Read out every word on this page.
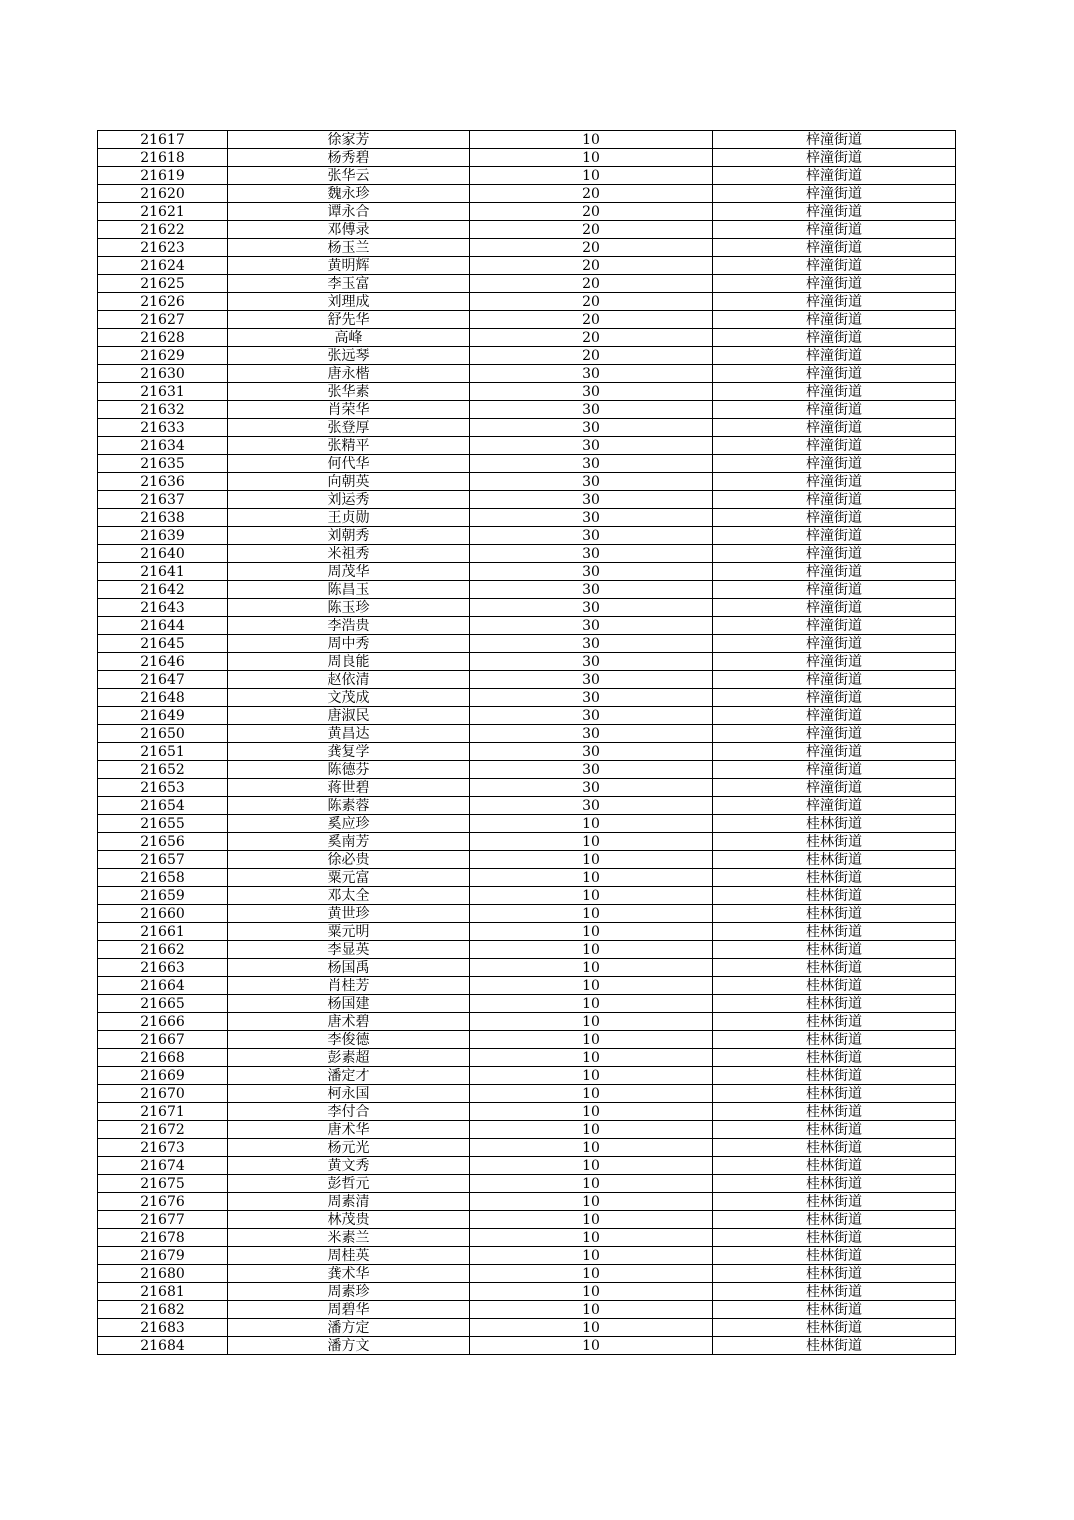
21617	徐家芳	10	梓潼街道
21618	杨秀碧	10	梓潼街道
21619	张华云	10	梓潼街道
21620	魏永珍	20	梓潼街道
21621	谭永合	20	梓潼街道
21622	邓傅录	20	梓潼街道
21623	杨玉兰	20	梓潼街道
21624	黄明辉	20	梓潼街道
21625	李玉富	20	梓潼街道
21626	刘理成	20	梓潼街道
21627	舒先华	20	梓潼街道
21628	高峰	20	梓潼街道
21629	张远琴	20	梓潼街道
21630	唐永楷	30	梓潼街道
21631	张华素	30	梓潼街道
21632	肖荣华	30	梓潼街道
21633	张登厚	30	梓潼街道
21634	张精平	30	梓潼街道
21635	何代华	30	梓潼街道
21636	向朝英	30	梓潼街道
21637	刘运秀	30	梓潼街道
21638	王贞勋	30	梓潼街道
21639	刘朝秀	30	梓潼街道
21640	米祖秀	30	梓潼街道
21641	周茂华	30	梓潼街道
21642	陈昌玉	30	梓潼街道
21643	陈玉珍	30	梓潼街道
21644	李浩贵	30	梓潼街道
21645	周中秀	30	梓潼街道
21646	周良能	30	梓潼街道
21647	赵依清	30	梓潼街道
21648	文茂成	30	梓潼街道
21649	唐淑民	30	梓潼街道
21650	黄昌达	30	梓潼街道
21651	龚复学	30	梓潼街道
21652	陈德芬	30	梓潼街道
21653	蒋世碧	30	梓潼街道
21654	陈素蓉	30	梓潼街道
21655	奚应珍	10	桂林街道
21656	奚南芳	10	桂林街道
21657	徐必贵	10	桂林街道
21658	粟元富	10	桂林街道
21659	邓太全	10	桂林街道
21660	黄世珍	10	桂林街道
21661	粟元明	10	桂林街道
21662	李显英	10	桂林街道
21663	杨国禹	10	桂林街道
21664	肖桂芳	10	桂林街道
21665	杨国建	10	桂林街道
21666	唐术碧	10	桂林街道
21667	李俊德	10	桂林街道
21668	彭素超	10	桂林街道
21669	潘定才	10	桂林街道
21670	柯永国	10	桂林街道
21671	李付合	10	桂林街道
21672	唐术华	10	桂林街道
21673	杨元光	10	桂林街道
21674	黄文秀	10	桂林街道
21675	彭哲元	10	桂林街道
21676	周素清	10	桂林街道
21677	林茂贵	10	桂林街道
21678	米素兰	10	桂林街道
21679	周桂英	10	桂林街道
21680	龚术华	10	桂林街道
21681	周素珍	10	桂林街道
21682	周碧华	10	桂林街道
21683	潘方定	10	桂林街道
21684	潘方文	10	桂林街道
